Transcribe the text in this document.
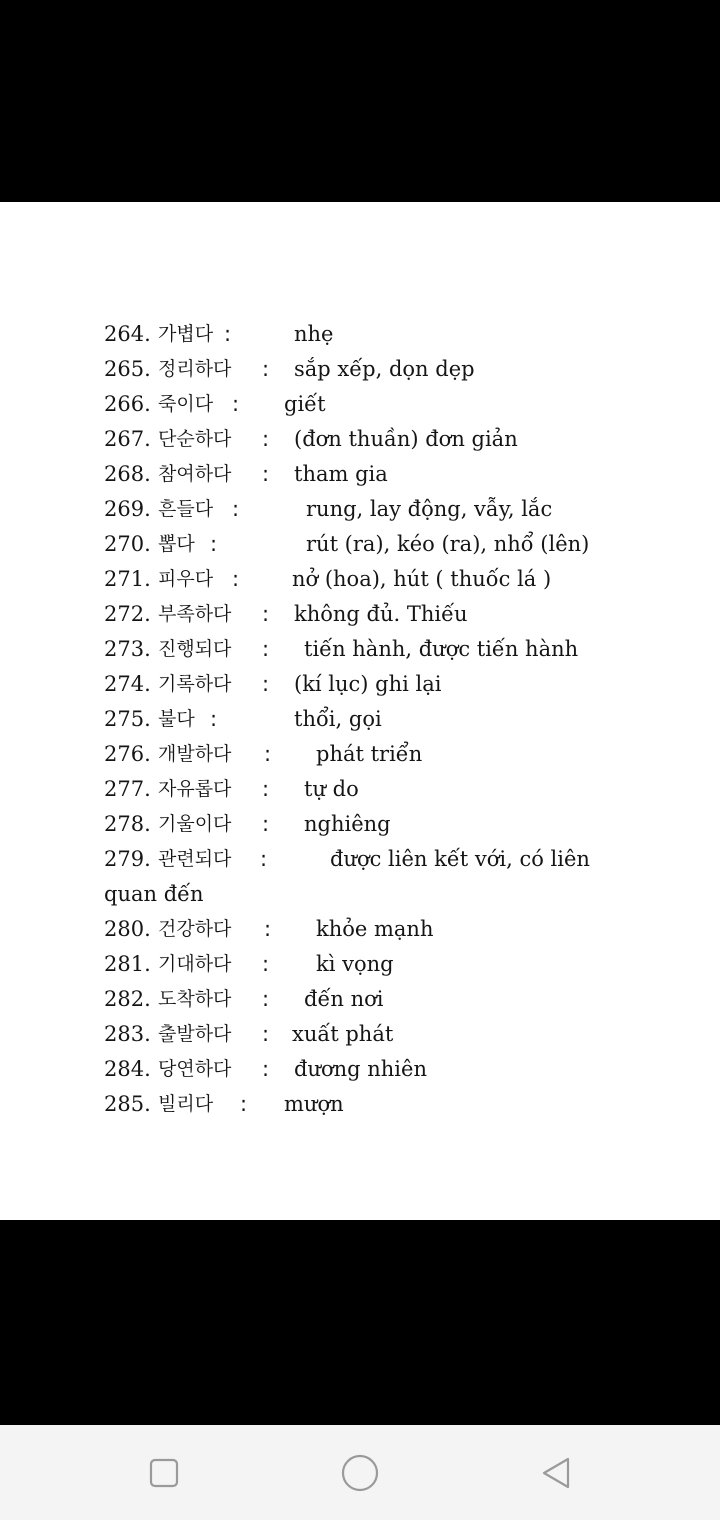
264. 가볍다 :	nhẹ
265. 정리하다 : sắp xếp, dọn dẹp
266. 죽이다 : giết
267. 단순하다 : (đơn thuần) đơn giản
268. 참여하다 : tham gia
269. 흔들다 :	rung, lay động, vẫy, lắc
270. 뽑다 :	rút (ra), kéo (ra), nhổ (lên)
271. 피우다 :	nở (hoa), hút ( thuốc lá )
272. 부족하다 : không đủ. Thiếu
273. 진행되다 : tiến hành, được tiến hành
274. 기록하다 : (kí lục) ghi lại
275. 불다 :	thổi, gọi
276. 개발하다 : phát triển
277. 자유롭다 : tự do
278. 기울이다 : nghiêng
279. 관련되다 :	được liên kết với, có liên
quan đến
280. 건강하다 : khỏe mạnh
281. 기대하다 : kì vọng
282. 도착하다 : đến nơi
283. 출발하다 : xuất phát
284. 당연하다 : đương nhiên
285. 빌리다 : mượn
